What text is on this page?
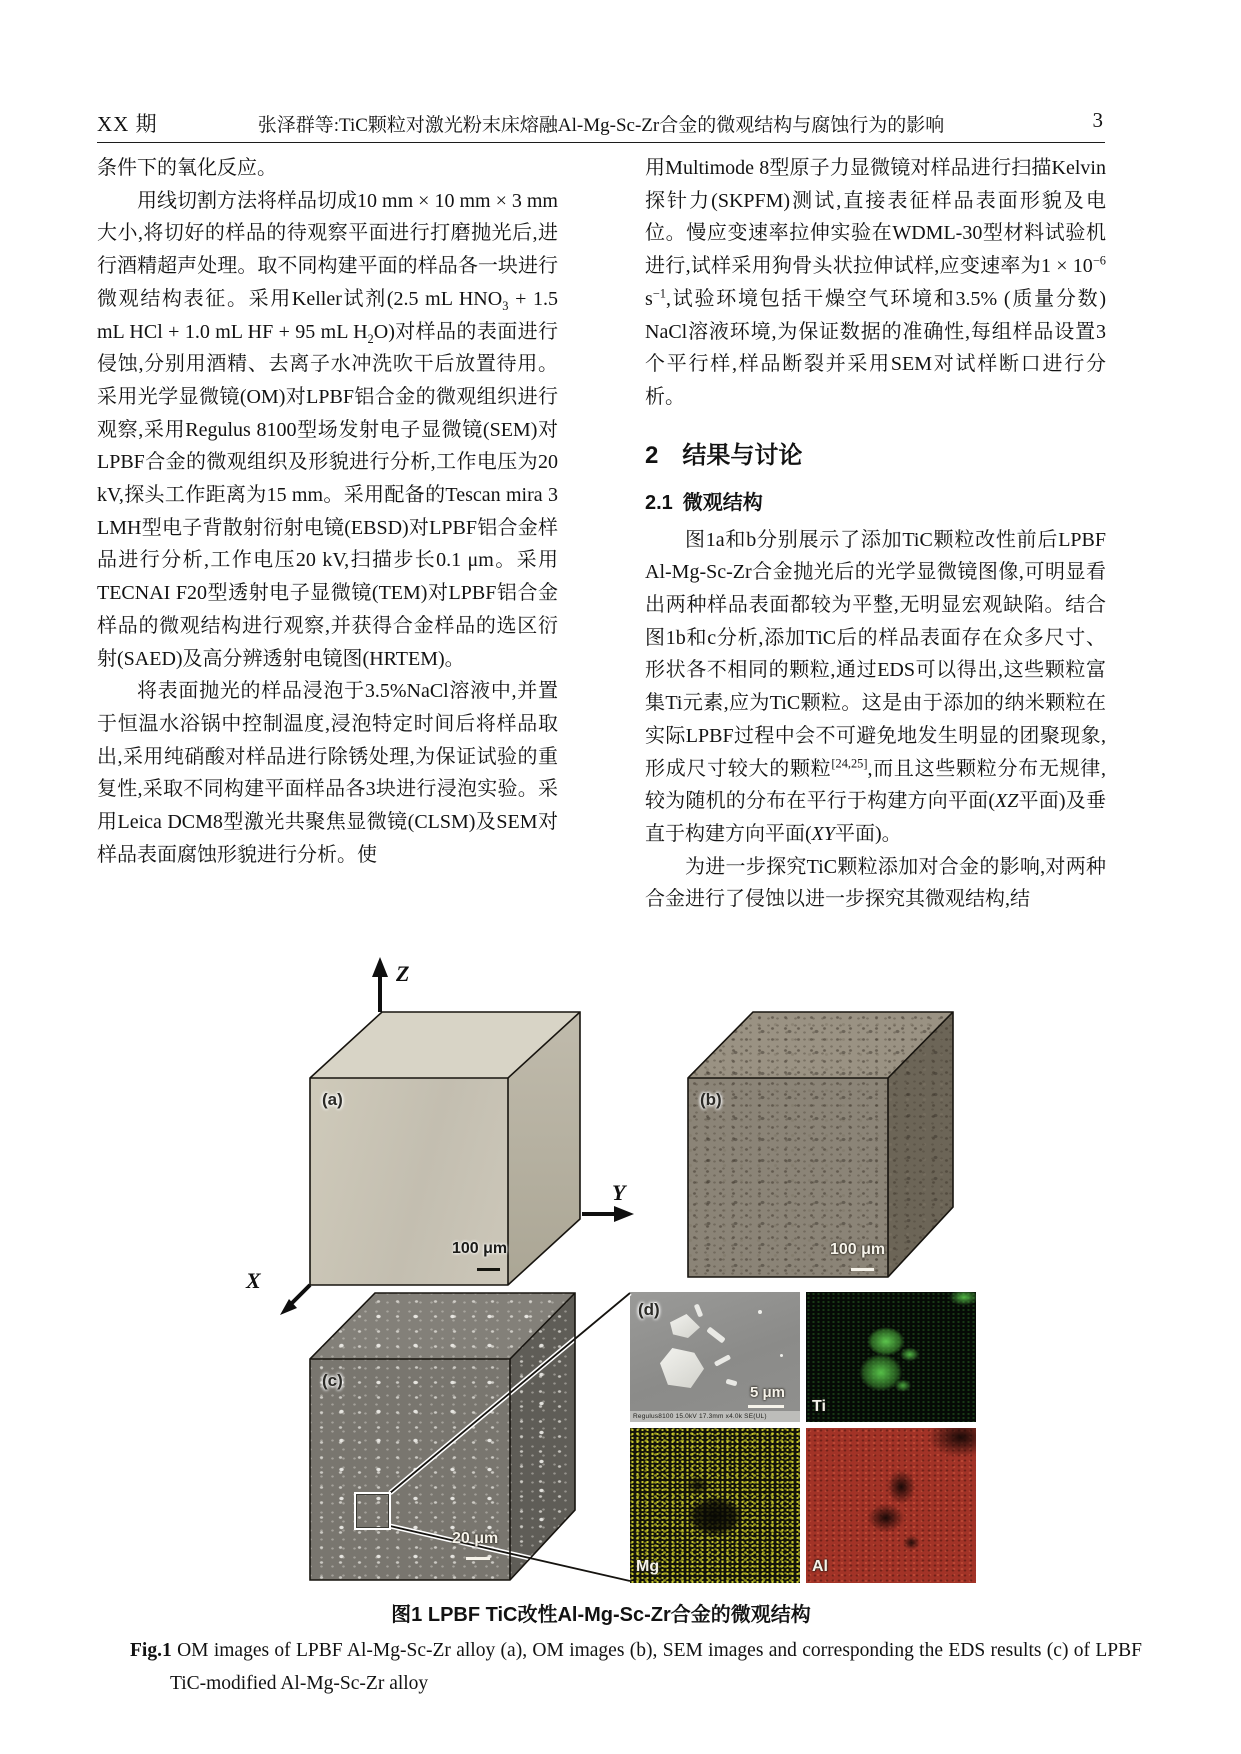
XX 期	张泽群等:TiC颗粒对激光粉末床熔融Al-Mg-Sc-Zr合金的微观结构与腐蚀行为的影响	3

条件下的氧化反应。

用线切割方法将样品切成10 mm × 10 mm × 3 mm大小,将切好的样品的待观察平面进行打磨抛光后,进行酒精超声处理。取不同构建平面的样品各一块进行微观结构表征。采用Keller试剂(2.5 mL $HNO_3 + 1.5$ mL HCl + 1.0 mL HF + 95 mL $H_2O$)对样品的表面进行侵蚀,分别用酒精、去离子水冲洗吹干后放置待用。采用光学显微镜(OM)对LPBF铝合金的微观组织进行观察,采用Regulus 8100型场发射电子显微镜(SEM)对LPBF合金的微观组织及形貌进行分析,工作电压为20 kV,探头工作距离为15 mm。采用配备的Tescan mira 3 LMH型电子背散射衍射电镜(EBSD)对LPBF铝合金样品进行分析,工作电压20 kV,扫描步长0.1 μm。采用TECNAI F20型透射电子显微镜(TEM)对LPBF铝合金样品的微观结构进行观察,并获得合金样品的选区衍射(SAED)及高分辨透射电镜图(HRTEM)。

将表面抛光的样品浸泡于3.5%NaCl溶液中,并置于恒温水浴锅中控制温度,浸泡特定时间后将样品取出,采用纯硝酸对样品进行除锈处理,为保证试验的重复性,采取不同构建平面样品各3块进行浸泡实验。采用Leica DCM8型激光共聚焦显微镜(CLSM)及SEM对样品表面腐蚀形貌进行分析。使

用Multimode 8型原子力显微镜对样品进行扫描Kelvin探针力(SKPFM)测试,直接表征样品表面形貌及电位。慢应变速率拉伸实验在WDML-30型材料试验机进行,试样采用狗骨头状拉伸试样,应变速率为$1 \times 10^{-6}$ $s^{-1}$,试验环境包括干燥空气环境和3.5% (质量分数) NaCl溶液环境,为保证数据的准确性,每组样品设置3个平行样,样品断裂并采用SEM对试样断口进行分析。

2 结果与讨论
2.1 微观结构

图1a和b分别展示了添加TiC颗粒改性前后LPBF Al-Mg-Sc-Zr合金抛光后的光学显微镜图像,可明显看出两种样品表面都较为平整,无明显宏观缺陷。结合图1b和c分析,添加TiC后的样品表面存在众多尺寸、形状各不相同的颗粒,通过EDS可以得出,这些颗粒富集Ti元素,应为TiC颗粒。这是由于添加的纳米颗粒在实际LPBF过程中会不可避免地发生明显的团聚现象,形成尺寸较大的颗粒[24,25],而且这些颗粒分布无规律,较为随机的分布在平行于构建方向平面(XZ平面)及垂直于构建方向平面(XY平面)。

为进一步探究TiC颗粒添加对合金的影响,对两种合金进行了侵蚀以进一步探究其微观结构,结

Regulus8100 15.0kV 17.3mm x4.0k SE(UL)
Z
Y
X
(a)	(b)
(c)
(d)
Ti
Mg	Al
100 μm	100 μm
20 μm
5 μm
图1 LPBF TiC改性Al-Mg-Sc-Zr合金的微观结构
Fig.1 OM images of LPBF Al-Mg-Sc-Zr alloy (a), OM images (b), SEM images and corresponding the EDS results (c) of LPBF TiC-modified Al-Mg-Sc-Zr alloy
